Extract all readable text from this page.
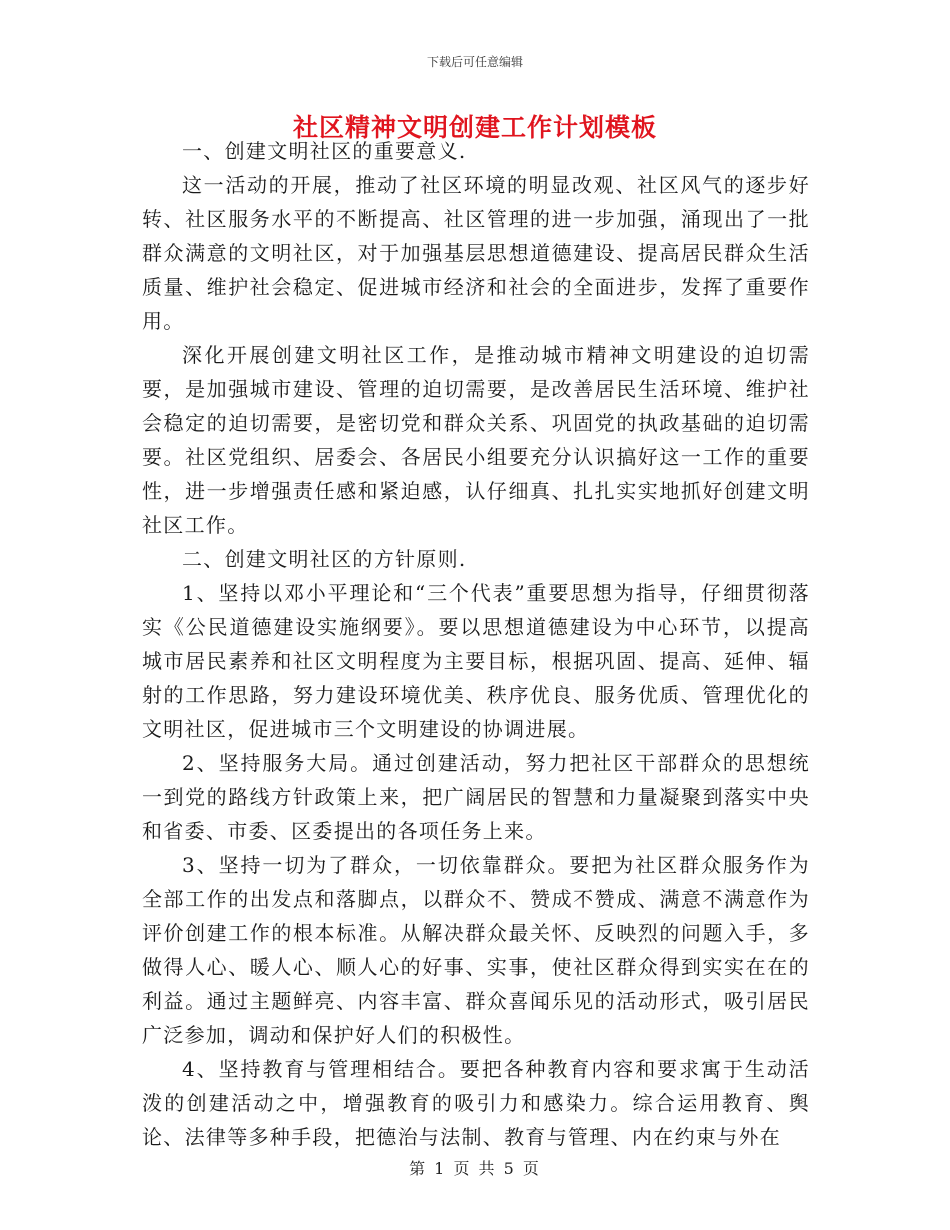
下载后可任意编辑
社区精神文明创建工作计划模板

一、创建文明社区的重要意义.

这一活动的开展，推动了社区环境的明显改观、社区风气的逐步好转、社区服务水平的不断提高、社区管理的进一步加强，涌现出了一批群众满意的文明社区，对于加强基层思想道德建设、提高居民群众生活质量、维护社会稳定、促进城市经济和社会的全面进步，发挥了重要作用。

深化开展创建文明社区工作，是推动城市精神文明建设的迫切需要，是加强城市建设、管理的迫切需要，是改善居民生活环境、维护社会稳定的迫切需要，是密切党和群众关系、巩固党的执政基础的迫切需要。社区党组织、居委会、各居民小组要充分认识搞好这一工作的重要性，进一步增强责任感和紧迫感，认仔细真、扎扎实实地抓好创建文明社区工作。

二、创建文明社区的方针原则.

1、坚持以邓小平理论和“三个代表”重要思想为指导，仔细贯彻落实《公民道德建设实施纲要》。要以思想道德建设为中心环节，以提高城市居民素养和社区文明程度为主要目标，根据巩固、提高、延伸、辐射的工作思路，努力建设环境优美、秩序优良、服务优质、管理优化的文明社区，促进城市三个文明建设的协调进展。

2、坚持服务大局。通过创建活动，努力把社区干部群众的思想统一到党的路线方针政策上来，把广阔居民的智慧和力量凝聚到落实中央和省委、市委、区委提出的各项任务上来。

3、坚持一切为了群众，一切依靠群众。要把为社区群众服务作为全部工作的出发点和落脚点，以群众不、赞成不赞成、满意不满意作为评价创建工作的根本标准。从解决群众最关怀、反映烈的问题入手，多做得人心、暖人心、顺人心的好事、实事，使社区群众得到实实在在的利益。通过主题鲜亮、内容丰富、群众喜闻乐见的活动形式，吸引居民广泛参加，调动和保护好人们的积极性。

4、坚持教育与管理相结合。要把各种教育内容和要求寓于生动活泼的创建活动之中，增强教育的吸引力和感染力。综合运用教育、舆论、法律等多种手段，把德治与法制、教育与管理、内在约束与外在

第 1 页 共 5 页
